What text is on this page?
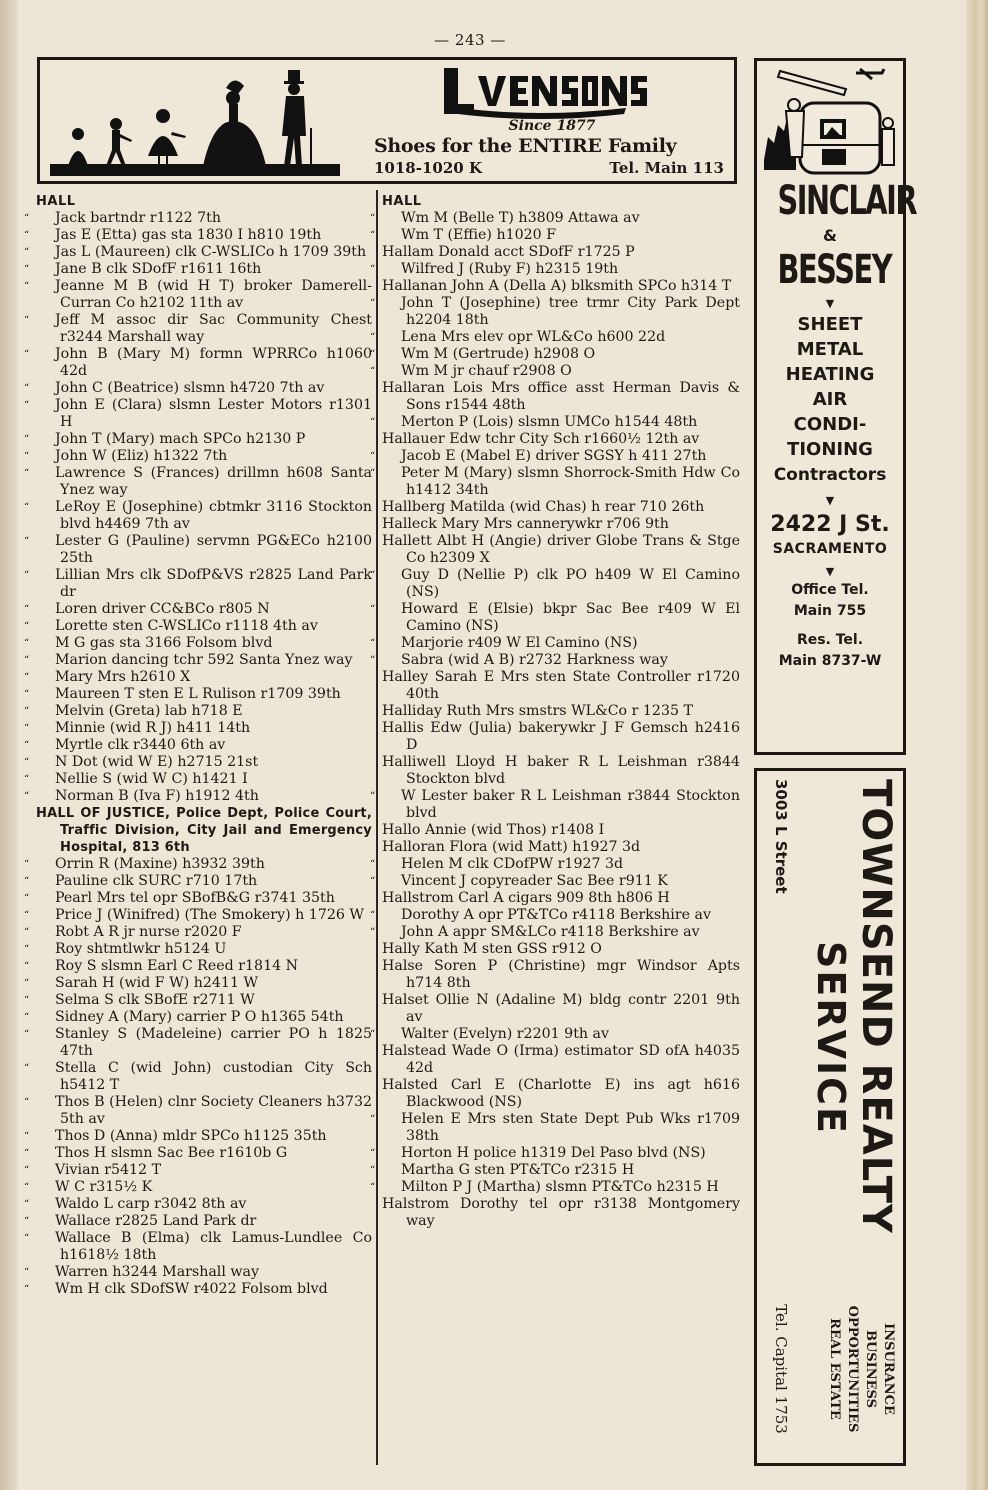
— 243 —
Since 1877
Shoes for the ENTIRE Family
1018-1020 K	Tel. Main 113
HALL

“ Jack bartndr r1122 7th

“ Jas E (Etta) gas sta 1830 I h810 19th

“ Jas L (Maureen) clk C-WSLICo h 1709 39th

“ Jane B clk SDofF r1611 16th

“ Jeanne M B (wid H T) broker Damerell-Curran Co h2102 11th av

“ Jeff M assoc dir Sac Community Chest r3244 Marshall way

“ John B (Mary M) formn WPRRCo h1060 42d

“ John C (Beatrice) slsmn h4720 7th av

“ John E (Clara) slsmn Lester Motors r1301 H

“ John T (Mary) mach SPCo h2130 P

“ John W (Eliz) h1322 7th

“ Lawrence S (Frances) drillmn h608 Santa Ynez way

“ LeRoy E (Josephine) cbtmkr 3116 Stockton blvd h4469 7th av

“ Lester G (Pauline) servmn PG&ECo h2100 25th

“ Lillian Mrs clk SDofP&VS r2825 Land Park dr

“ Loren driver CC&BCo r805 N

“ Lorette sten C-WSLICo r1118 4th av

“ M G gas sta 3166 Folsom blvd

“ Marion dancing tchr 592 Santa Ynez way

“ Mary Mrs h2610 X

“ Maureen T sten E L Rulison r1709 39th

“ Melvin (Greta) lab h718 E

“ Minnie (wid R J) h411 14th

“ Myrtle clk r3440 6th av

“ N Dot (wid W E) h2715 21st

“ Nellie S (wid W C) h1421 I

“ Norman B (Iva F) h1912 4th

HALL OF JUSTICE, Police Dept, Police Court, Traffic Division, City Jail and Emergency Hospital, 813 6th

“ Orrin R (Maxine) h3932 39th

“ Pauline clk SURC r710 17th

“ Pearl Mrs tel opr SBofB&G r3741 35th

“ Price J (Winifred) (The Smokery) h 1726 W

“ Robt A R jr nurse r2020 F

“ Roy shtmtlwkr h5124 U

“ Roy S slsmn Earl C Reed r1814 N

“ Sarah H (wid F W) h2411 W

“ Selma S clk SBofE r2711 W

“ Sidney A (Mary) carrier P O h1365 54th

“ Stanley S (Madeleine) carrier PO h 1825 47th

“ Stella C (wid John) custodian City Sch h5412 T

“ Thos B (Helen) clnr Society Cleaners h3732 5th av

“ Thos D (Anna) mldr SPCo h1125 35th

“ Thos H slsmn Sac Bee r1610b G

“ Vivian r5412 T

“ W C r315½ K

“ Waldo L carp r3042 8th av

“ Wallace r2825 Land Park dr

“ Wallace B (Elma) clk Lamus-Lundlee Co h1618½ 18th

“ Warren h3244 Marshall way

“ Wm H clk SDofSW r4022 Folsom blvd

HALL

“ Wm M (Belle T) h3809 Attawa av

“ Wm T (Effie) h1020 F

Hallam Donald acct SDofF r1725 P

“ Wilfred J (Ruby F) h2315 19th

Hallanan John A (Della A) blksmith SPCo h314 T

“ John T (Josephine) tree trmr City Park Dept h2204 18th

“ Lena Mrs elev opr WL&Co h600 22d

“ Wm M (Gertrude) h2908 O

“ Wm M jr chauf r2908 O

Hallaran Lois Mrs office asst Herman Davis & Sons r1544 48th

“ Merton P (Lois) slsmn UMCo h1544 48th

Hallauer Edw tchr City Sch r1660½ 12th av

“ Jacob E (Mabel E) driver SGSY h 411 27th

“ Peter M (Mary) slsmn Shorrock-Smith Hdw Co h1412 34th

Hallberg Matilda (wid Chas) h rear 710 26th

Halleck Mary Mrs cannerywkr r706 9th

Hallett Albt H (Angie) driver Globe Trans & Stge Co h2309 X

“ Guy D (Nellie P) clk PO h409 W El Camino (NS)

“ Howard E (Elsie) bkpr Sac Bee r409 W El Camino (NS)

“ Marjorie r409 W El Camino (NS)

“ Sabra (wid A B) r2732 Harkness way

Halley Sarah E Mrs sten State Controller r1720 40th

Halliday Ruth Mrs smstrs WL&Co r 1235 T

Hallis Edw (Julia) bakerywkr J F Gemsch h2416 D

Halliwell Lloyd H baker R L Leishman r3844 Stockton blvd

“ W Lester baker R L Leishman r3844 Stockton blvd

Hallo Annie (wid Thos) r1408 I

Halloran Flora (wid Matt) h1927 3d

“ Helen M clk CDofPW r1927 3d

“ Vincent J copyreader Sac Bee r911 K

Hallstrom Carl A cigars 909 8th h806 H

“ Dorothy A opr PT&TCo r4118 Berkshire av

“ John A appr SM&LCo r4118 Berkshire av

Hally Kath M sten GSS r912 O

Halse Soren P (Christine) mgr Windsor Apts h714 8th

Halset Ollie N (Adaline M) bldg contr 2201 9th av

“ Walter (Evelyn) r2201 9th av

Halstead Wade O (Irma) estimator SD ofA h4035 42d

Halsted Carl E (Charlotte E) ins agt h616 Blackwood (NS)

“ Helen E Mrs sten State Dept Pub Wks r1709 38th

“ Horton H police h1319 Del Paso blvd (NS)

“ Martha G sten PT&TCo r2315 H

“ Milton P J (Martha) slsmn PT&TCo h2315 H

Halstrom Dorothy tel opr r3138 Montgomery way

SINCLAIR
&
BESSEY
▼
SHEET
METAL
HEATING
AIR
CONDI-
TIONING
Contractors
▼
2422 J St.
SACRAMENTO
▼
Office Tel.
Main 755
Res. Tel.
Main 8737-W
TOWNSEND REALTY
SERVICE
3003 L Street
INSURANCE
BUSINESS
OPPORTUNITIES
REAL ESTATE
Tel. Capital 1753
